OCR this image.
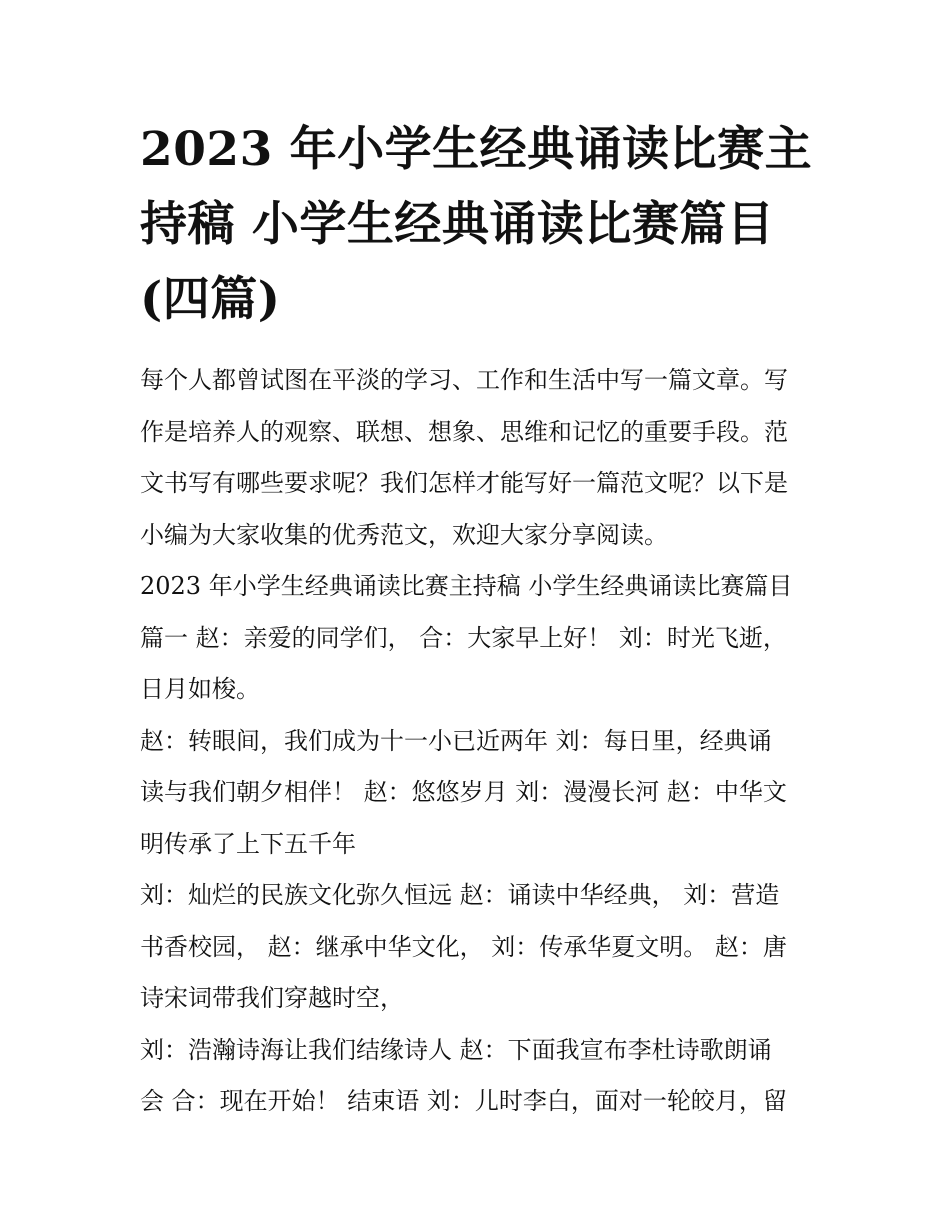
2023 年小学生经典诵读比赛主
持稿 小学生经典诵读比赛篇目
(四篇)

每个人都曾试图在平淡的学习、工作和生活中写一篇文章。写
作是培养人的观察、联想、想象、思维和记忆的重要手段。范
文书写有哪些要求呢？我们怎样才能写好一篇范文呢？以下是
小编为大家收集的优秀范文，欢迎大家分享阅读。

2023 年小学生经典诵读比赛主持稿 小学生经典诵读比赛篇目
篇一 赵：亲爱的同学们， 合：大家早上好！ 刘：时光飞逝，
日月如梭。

赵：转眼间，我们成为十一小已近两年 刘：每日里，经典诵
读与我们朝夕相伴！ 赵：悠悠岁月 刘：漫漫长河 赵：中华文
明传承了上下五千年

刘：灿烂的民族文化弥久恒远 赵：诵读中华经典， 刘：营造
书香校园， 赵：继承中华文化， 刘：传承华夏文明。 赵：唐
诗宋词带我们穿越时空，

刘：浩瀚诗海让我们结缘诗人 赵：下面我宣布李杜诗歌朗诵
会 合：现在开始！ 结束语 刘：儿时李白，面对一轮皎月，留
